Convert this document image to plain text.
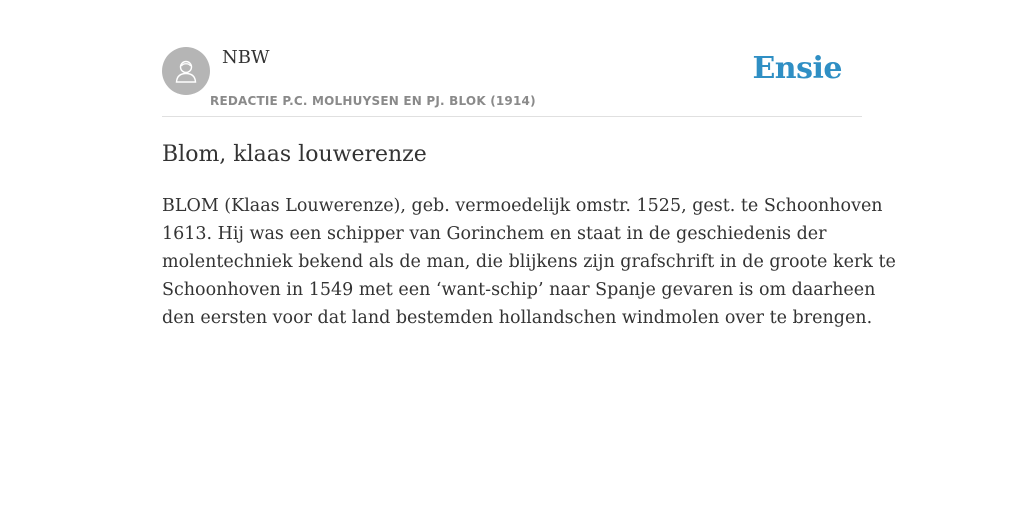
NBW
REDACTIE P.C. MOLHUYSEN EN PJ. BLOK (1914)
Ensie
Blom, klaas louwerenze

BLOM (Klaas Louwerenze), geb. vermoedelijk omstr. 1525, gest. te Schoonhoven
1613. Hij was een schipper van Gorinchem en staat in de geschiedenis der
molentechniek bekend als de man, die blijkens zijn grafschrift in de groote kerk te
Schoonhoven in 1549 met een ‘want-schip’ naar Spanje gevaren is om daarheen
den eersten voor dat land bestemden hollandschen windmolen over te brengen.
